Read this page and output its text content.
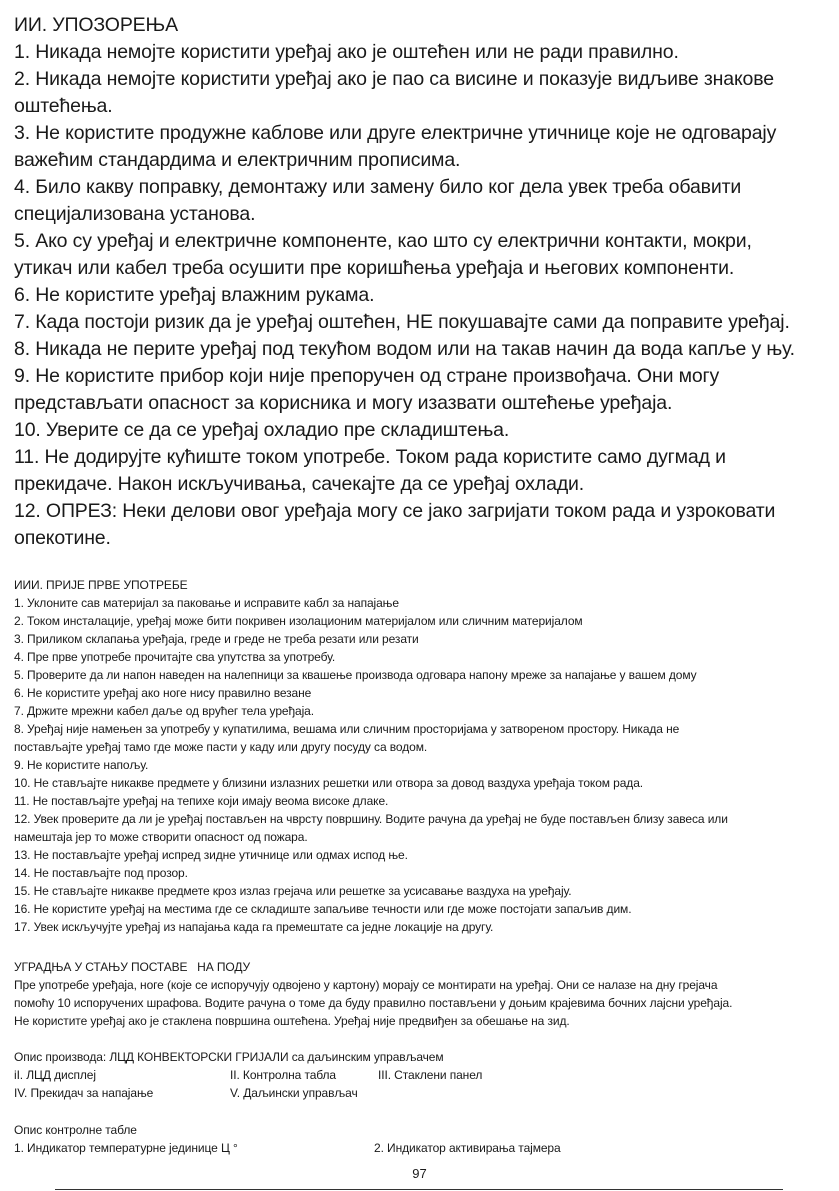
ИИ. УПОЗОРЕЊА
1. Никада немојте користити уређај ако је оштећен или не ради правилно.
2. Никада немојте користити уређај ако је пао са висине и показује видљиве знакове
оштећења.
3. Не користите продужне каблове или друге електричне утичнице које не одговарају
важећим стандардима и електричним прописима.
4. Било какву поправку, демонтажу или замену било ког дела увек треба обавити
специјализована установа.
5. Ако су уређај и електричне компоненте, као што су електрични контакти, мокри,
утикач или кабел треба осушити пре коришћења уређаја и његових компоненти.
6. Не користите уређај влажним рукама.
7. Када постоји ризик да је уређај оштећен, НЕ покушавајте сами да поправите уређај.
8. Никада не перите уређај под текућом водом или на такав начин да вода капље у њу.
9. Не користите прибор који није препоручен од стране произвођача. Они могу
представљати опасност за корисника и могу изазвати оштећење уређаја.
10. Уверите се да се уређај охладио пре складиштења.
11. Не додирујте кућиште током употребе. Током рада користите само дугмад и
прекидаче. Након искључивања, сачекајте да се уређај охлади.
12. ОПРЕЗ: Неки делови овог уређаја могу се јако загријати током рада и узроковати
опекотине.
ИИИ. ПРИЈЕ ПРВЕ УПОТРЕБЕ
1. Уклоните сав материјал за паковање и исправите кабл за напајање
2. Током инсталације, уређај може бити покривен изолационим материјалом или сличним материјалом
3. Приликом склапања уређаја, греде и греде не треба резати или резати
4. Пре прве употребе прочитајте сва упутства за употребу.
5. Проверите да ли напон наведен на налепници за квашење производа одговара напону мреже за напајање у вашем дому
6. Не користите уређај ако ноге нису правилно везане
7. Држите мрежни кабел даље од врућег тела уређаја.
8. Уређај није намењен за употребу у купатилима, вешама или сличним просторијама у затвореном простору. Никада не
постављајте уређај тамо где може пасти у каду или другу посуду са водом.
9. Не користите напољу.
10. Не стављајте никакве предмете у близини излазних решетки или отвора за довод ваздуха уређаја током рада.
11. Не постављајте уређај на тепихе који имају веома високе длаке.
12. Увек проверите да ли је уређај постављен на чврсту површину. Водите рачуна да уређај не буде постављен близу завеса или
намештаја јер то може створити опасност од пожара.
13. Не постављајте уређај испред зидне утичнице или одмах испод ње.
14. Не постављајте под прозор.
15. Не стављајте никакве предмете кроз излаз грејача или решетке за усисавање ваздуха на уређају.
16. Не користите уређај на местима где се складиште запаљиве течности или где може постојати запаљив дим.
17. Увек искључујте уређај из напајања када га премештате са једне локације на другу.
УГРАДЊА У СТАЊУ ПОСТАВЕ   НА ПОДУ
Пре употребе уређаја, ноге (које се испоручују одвојено у картону) морају се монтирати на уређај. Они се налазе на дну грејача
помоћу 10 испоручених шрафова. Водите рачуна о томе да буду правилно постављени у доњим крајевима бочних лајсни уређаја.
Не користите уређај ако је стаклена површина оштећена. Уређај није предвиђен за обешање на зид.
Опис производа: ЛЦД КОНВЕКТОРСКИ ГРИЈАЛИ са даљинским управљачем
iI. ЛЦД дисплеј	II. Контролна табла	III. Стаклени панел
IV. Прекидач за напајање	V. Даљински управљач
Опис контролне табле
1. Индикатор температурне јединице Ц °	2. Индикатор активирања тајмера
97
